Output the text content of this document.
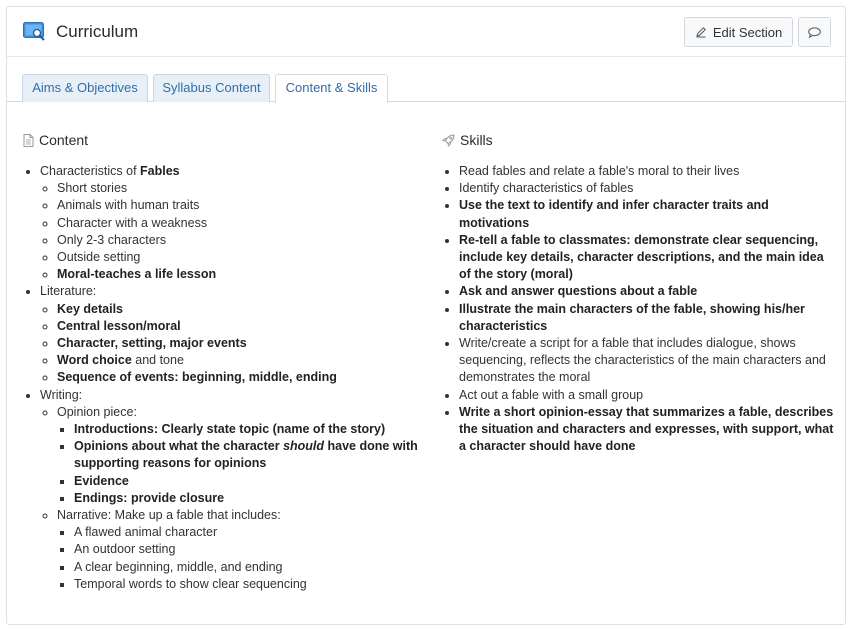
Curriculum	Edit Section
Aims & Objectives	Syllabus Content	Content & Skills
Content
• Characteristics of Fables
◦ Short stories
◦ Animals with human traits
◦ Character with a weakness
◦ Only 2-3 characters
◦ Outside setting
◦ Moral-teaches a life lesson
• Literature:
◦ Key details
◦ Central lesson/moral
◦ Character, setting, major events
◦ Word choice and tone
◦ Sequence of events: beginning, middle, ending
• Writing:
◦ Opinion piece:
▪ Introductions: Clearly state topic (name of the story)
▪ Opinions about what the character should have done with supporting reasons for opinions
▪ Evidence
▪ Endings: provide closure
◦ Narrative: Make up a fable that includes:
▪ A flawed animal character
▪ An outdoor setting
▪ A clear beginning, middle, and ending
▪ Temporal words to show clear sequencing
Skills
• Read fables and relate a fable's moral to their lives
• Identify characteristics of fables
• Use the text to identify and infer character traits and motivations
• Re-tell a fable to classmates: demonstrate clear sequencing, include key details, character descriptions, and the main idea of the story (moral)
• Ask and answer questions about a fable
• Illustrate the main characters of the fable, showing his/her characteristics
• Write/create a script for a fable that includes dialogue, shows sequencing, reflects the characteristics of the main characters and demonstrates the moral
• Act out a fable with a small group
• Write a short opinion-essay that summarizes a fable, describes the situation and characters and expresses, with support, what a character should have done
